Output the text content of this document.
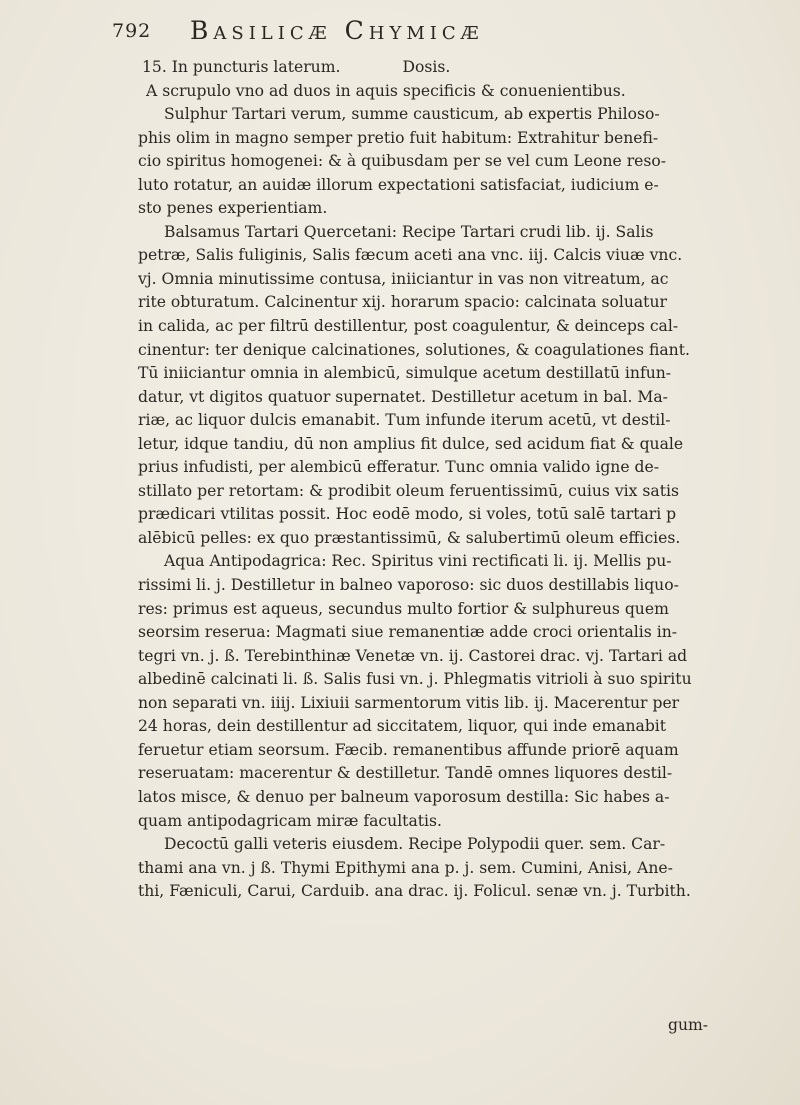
792 Basilicæ Chymicæ
15. In puncturis laterum.	Dosis.
A scrupulo vno ad duos in aquis specificis & conuenientibus.
Sulphur Tartari verum, summe causticum, ab expertis Philoso-
phis olim in magno semper pretio fuit habitum: Extrahitur benefi-
cio spiritus homogenei: & à quibusdam per se vel cum Leone reso-
luto rotatur, an auidæ illorum expectationi satisfaciat, iudicium e-
sto penes experientiam.
Balsamus Tartari Quercetani: Recipe Tartari crudi lib. ij. Salis
petræ, Salis fuliginis, Salis fæcum aceti ana vnc. iij. Calcis viuæ vnc.
vj. Omnia minutissime contusa, iniiciantur in vas non vitreatum, ac
rite obturatum. Calcinentur xij. horarum spacio: calcinata soluatur
in calida, ac per filtrū destillentur, post coagulentur, & deinceps cal-
cinentur: ter denique calcinationes, solutiones, & coagulationes fiant.
Tū iniiciantur omnia in alembicū, simulque acetum destillatū infun-
datur, vt digitos quatuor supernatet. Destilletur acetum in bal. Ma-
riæ, ac liquor dulcis emanabit. Tum infunde iterum acetū, vt destil-
letur, idque tandiu, dū non amplius fit dulce, sed acidum fiat & quale
prius infudisti, per alembicū efferatur. Tunc omnia valido igne de-
stillato per retortam: & prodibit oleum feruentissimū, cuius vix satis
prædicari vtilitas possit. Hoc eodē modo, si voles, totū salē tartari p
alēbicū pelles: ex quo præstantissimū, & salubertimū oleum efficies.
Aqua Antipodagrica: Rec. Spiritus vini rectificati li. ij. Mellis pu-
rissimi li. j. Destilletur in balneo vaporoso: sic duos destillabis liquo-
res: primus est aqueus, secundus multo fortior & sulphureus quem
seorsim reserua: Magmati siue remanentiæ adde croci orientalis in-
tegri vn. j. ß. Terebinthinæ Venetæ vn. ij. Castorei drac. vj. Tartari ad
albedinē calcinati li. ß. Salis fusi vn. j. Phlegmatis vitrioli à suo spiritu
non separati vn. iiij. Lixiuii sarmentorum vitis lib. ij. Macerentur per
24 horas, dein destillentur ad siccitatem, liquor, qui inde emanabit
feruetur etiam seorsum. Fæcib. remanentibus affunde priorē aquam
reseruatam: macerentur & destilletur. Tandē omnes liquores destil-
latos misce, & denuo per balneum vaporosum destilla: Sic habes a-
quam antipodagricam miræ facultatis.
Decoctū galli veteris eiusdem. Recipe Polypodii quer. sem. Car-
thami ana vn. j ß. Thymi Epithymi ana p. j. sem. Cumini, Anisi, Ane-
thi, Fæniculi, Carui, Carduib. ana drac. ij. Folicul. senæ vn. j. Turbith.
gum-
